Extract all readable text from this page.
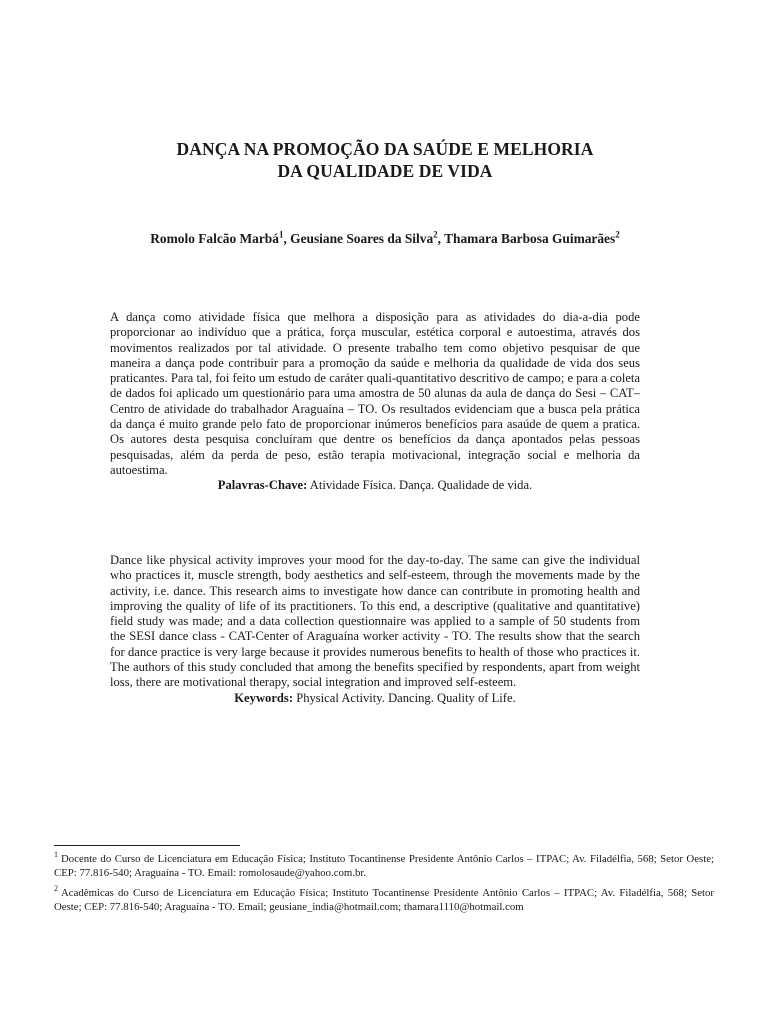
DANÇA NA PROMOÇÃO DA SAÚDE E MELHORIA
DA QUALIDADE DE VIDA
Romolo Falcão Marbá$^1$, Geusiane Soares da Silva$^2$, Thamara Barbosa Guimarães$^2$
A dança como atividade física que melhora a disposição para as atividades do dia-a-dia pode proporcionar ao indivíduo que a prática, força muscular, estética corporal e autoestima, através dos movimentos realizados por tal atividade. O presente trabalho tem como objetivo pesquisar de que maneira a dança pode contribuir para a promoção da saúde e melhoria da qualidade de vida dos seus praticantes. Para tal, foi feito um estudo de caráter quali-quantitativo descritivo de campo; e para a coleta de dados foi aplicado um questionário para uma amostra de 50 alunas da aula de dança do Sesi – CAT–Centro de atividade do trabalhador Araguaína – TO. Os resultados evidenciam que a busca pela prática da dança é muito grande pelo fato de proporcionar inúmeros benefícios para asaúde de quem a pratica. Os autores desta pesquisa concluíram que dentre os benefícios da dança apontados pelas pessoas pesquisadas, além da perda de peso, estão terapia motivacional, integração social e melhoria da autoestima.
Palavras-Chave: Atividade Física. Dança. Qualidade de vida.
Dance like physical activity improves your mood for the day-to-day. The same can give the individual who practices it, muscle strength, body aesthetics and self-esteem, through the movements made by the activity, i.e. dance. This research aims to investigate how dance can contribute in promoting health and improving the quality of life of its practitioners. To this end, a descriptive (qualitative and quantitative) field study was made; and a data collection questionnaire was applied to a sample of 50 students from the SESI dance class - CAT-Center of Araguaína worker activity - TO. The results show that the search for dance practice is very large because it provides numerous benefits to health of those who practices it. The authors of this study concluded that among the benefits specified by respondents, apart from weight loss, there are motivational therapy, social integration and improved self-esteem.
Keywords: Physical Activity. Dancing. Quality of Life.
$^1$ Docente do Curso de Licenciatura em Educação Física; Instituto Tocantinense Presidente Antônio Carlos – ITPAC; Av. Filadélfia, 568; Setor Oeste; CEP: 77.816-540; Araguaína - TO. Email: romolosaude@yahoo.com.br.
$^2$ Acadêmicas do Curso de Licenciatura em Educação Física; Instituto Tocantinense Presidente Antônio Carlos – ITPAC; Av. Filadélfia, 568; Setor Oeste; CEP: 77.816-540; Araguaína - TO. Email; geusiane_india@hotmail.com; thamara1110@hotmail.com
